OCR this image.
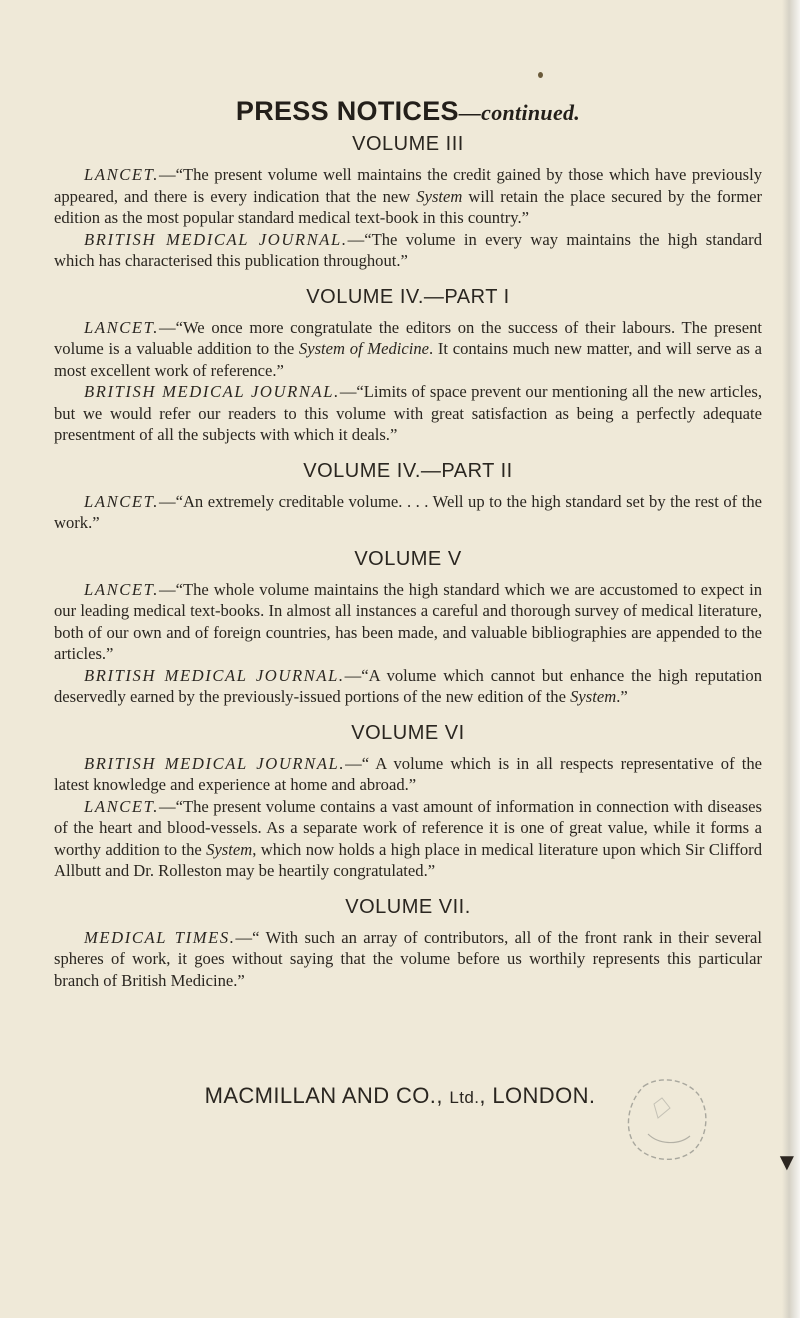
PRESS NOTICES—continued.
VOLUME III

LANCET.—“The present volume well maintains the credit gained by those which have previously appeared, and there is every indication that the new System will retain the place secured by the former edition as the most popular standard medical text-book in this country.”

BRITISH MEDICAL JOURNAL.—“The volume in every way maintains the high standard which has characterised this publication throughout.”

VOLUME IV.—PART I

LANCET.—“We once more congratulate the editors on the success of their labours. The present volume is a valuable addition to the System of Medicine. It contains much new matter, and will serve as a most excellent work of reference.”

BRITISH MEDICAL JOURNAL.—“Limits of space prevent our mentioning all the new articles, but we would refer our readers to this volume with great satisfaction as being a perfectly adequate presentment of all the subjects with which it deals.”

VOLUME IV.—PART II

LANCET.—“An extremely creditable volume. . . . Well up to the high standard set by the rest of the work.”

VOLUME V

LANCET.—“The whole volume maintains the high standard which we are accustomed to expect in our leading medical text-books. In almost all instances a careful and thorough survey of medical literature, both of our own and of foreign countries, has been made, and valuable bibliographies are appended to the articles.”

BRITISH MEDICAL JOURNAL.—“A volume which cannot but enhance the high reputation deservedly earned by the previously-issued portions of the new edition of the System.”

VOLUME VI

BRITISH MEDICAL JOURNAL.—“ A volume which is in all respects representative of the latest knowledge and experience at home and abroad.”

LANCET.—“The present volume contains a vast amount of information in connection with diseases of the heart and blood-vessels. As a separate work of reference it is one of great value, while it forms a worthy addition to the System, which now holds a high place in medical literature upon which Sir Clifford Allbutt and Dr. Rolleston may be heartily congratulated.”

VOLUME VII.

MEDICAL TIMES.—“ With such an array of contributors, all of the front rank in their several spheres of work, it goes without saying that the volume before us worthily represents this particular branch of British Medicine.”

MACMILLAN AND CO., Ltd., LONDON.
▼
